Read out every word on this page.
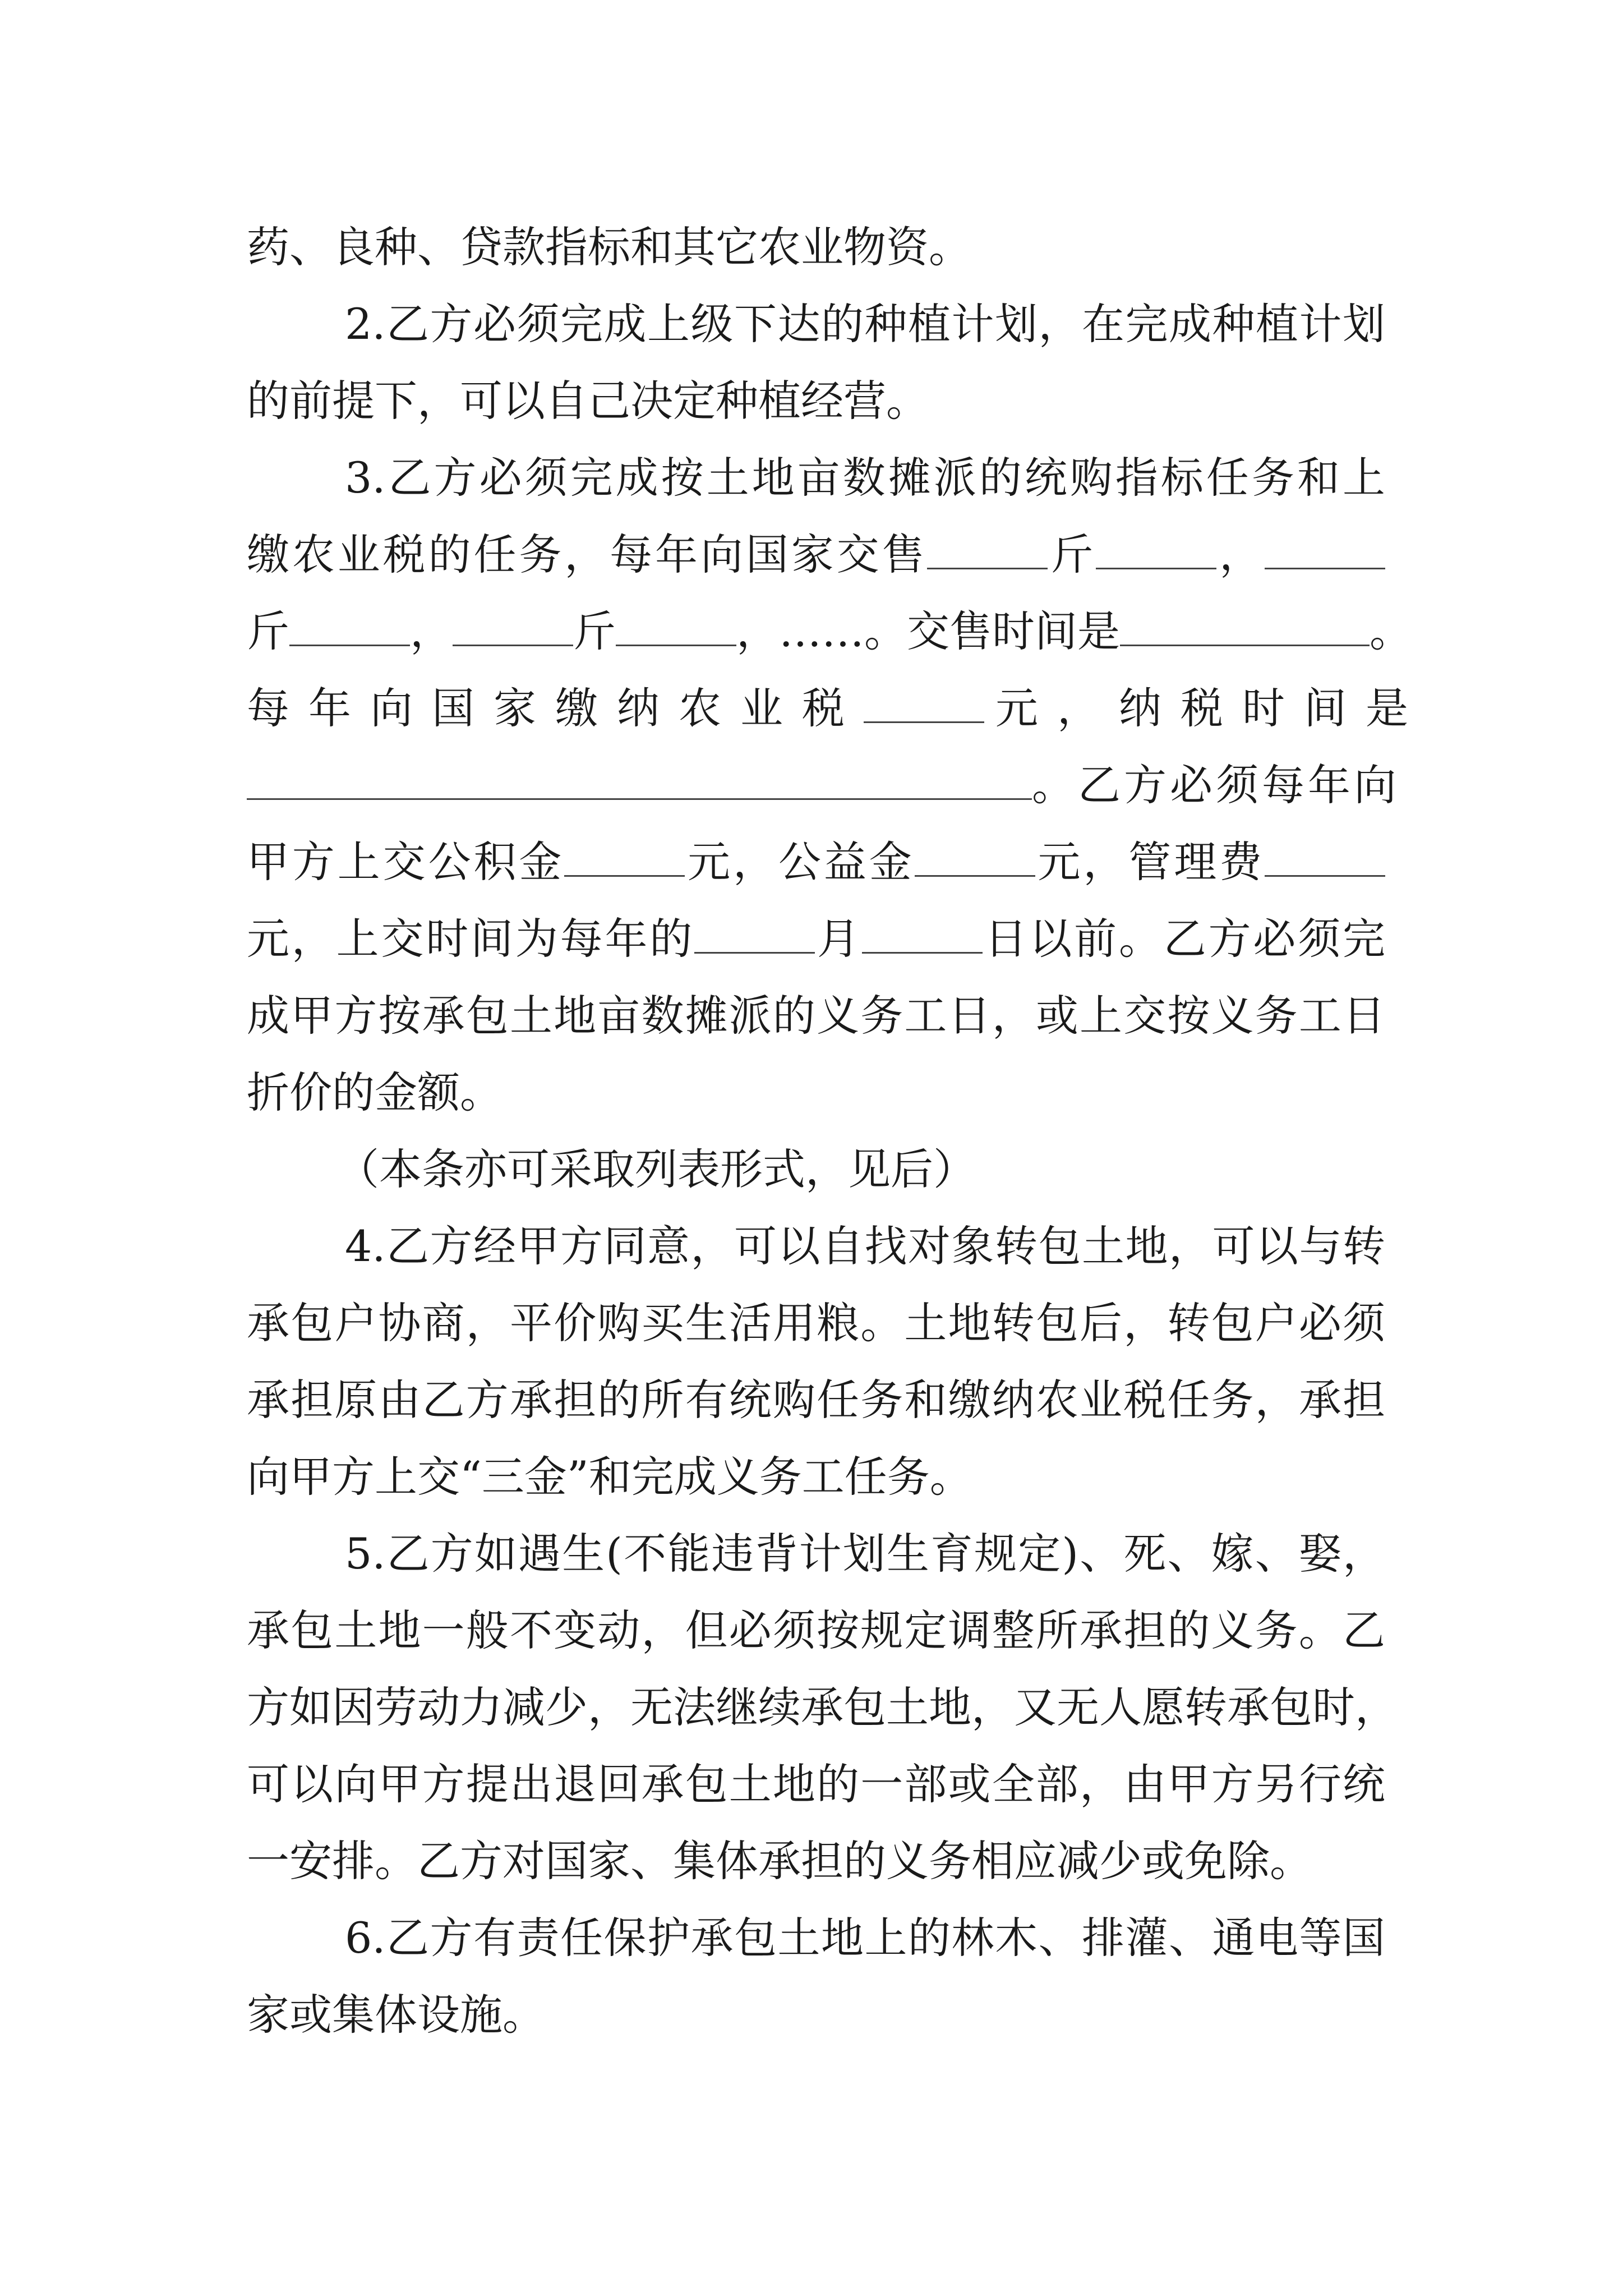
药、良种、贷款指标和其它农业物资。
2.乙方必须完成上级下达的种植计划，在完成种植计划
的前提下，可以自己决定种植经营。
3.乙方必须完成按土地亩数摊派的统购指标任务和上
缴农业税的任务，每年向国家交售	斤	，
斤	，	斤	，……。交售时间是	。
每年向国家缴纳农业税	元，纳税时间是
。乙方必须每年向
甲方上交公积金	元，公益金	元，管理费
元，上交时间为每年的	月	日以前。乙方必须完
成甲方按承包土地亩数摊派的义务工日，或上交按义务工日
折价的金额。
（本条亦可采取列表形式，见后）
4.乙方经甲方同意，可以自找对象转包土地，可以与转
承包户协商，平价购买生活用粮。土地转包后，转包户必须
承担原由乙方承担的所有统购任务和缴纳农业税任务，承担
向甲方上交“三金”和完成义务工任务。
5.乙方如遇生(不能违背计划生育规定)、死、嫁、娶，
承包土地一般不变动，但必须按规定调整所承担的义务。乙
方如因劳动力减少，无法继续承包土地，又无人愿转承包时，
可以向甲方提出退回承包土地的一部或全部，由甲方另行统
一安排。乙方对国家、集体承担的义务相应减少或免除。
6.乙方有责任保护承包土地上的林木、排灌、通电等国
家或集体设施。
